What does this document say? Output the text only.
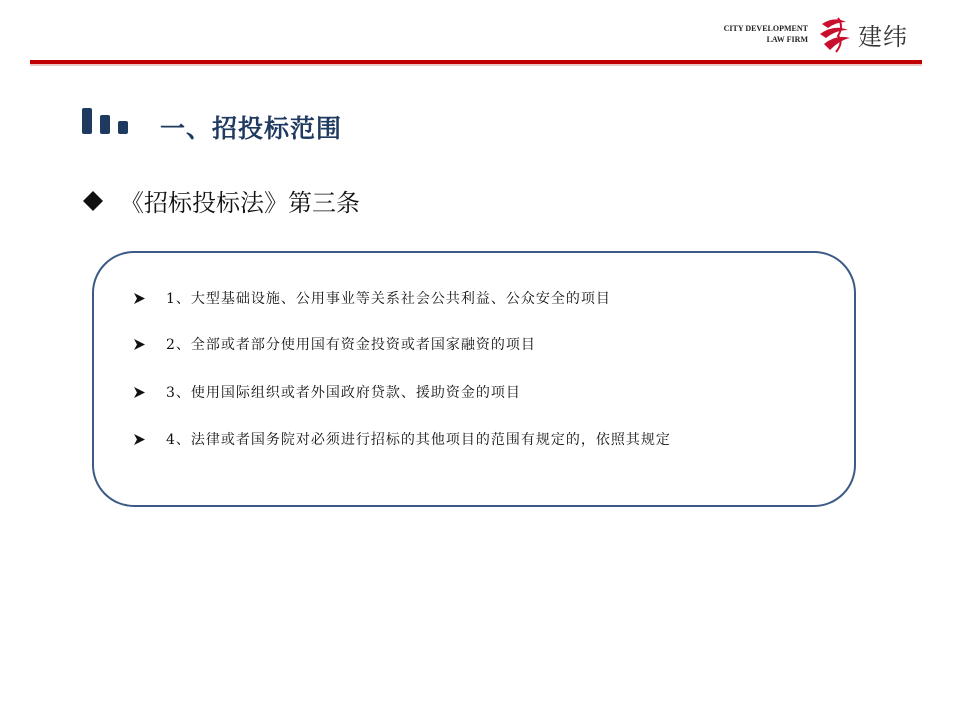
CITY DEVELOPMENT
LAW FIRM 建纬
一、招投标范围
《招标投标法》第三条
1、大型基础设施、公用事业等关系社会公共利益、公众安全的项目
2、全部或者部分使用国有资金投资或者国家融资的项目
3、使用国际组织或者外国政府贷款、援助资金的项目
4、法律或者国务院对必须进行招标的其他项目的范围有规定的，依照其规定
